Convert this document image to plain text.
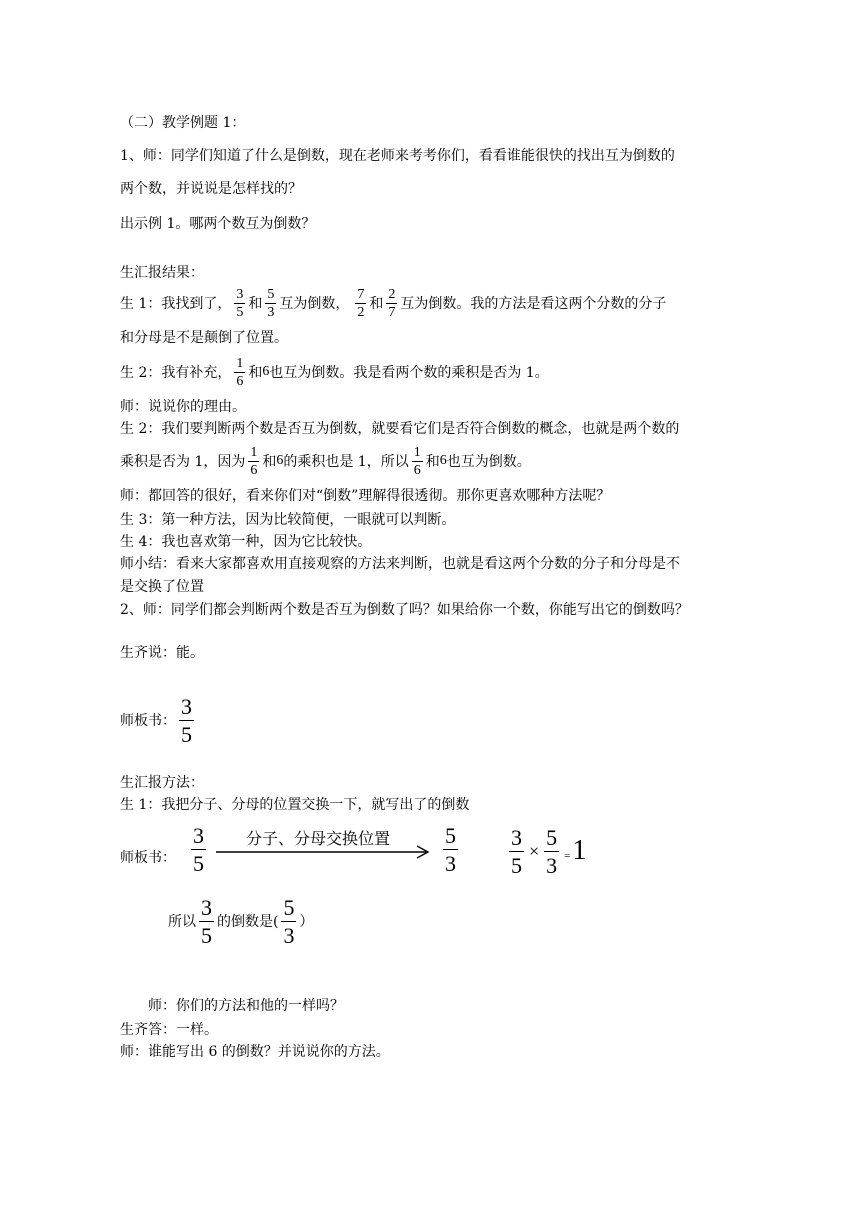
（二）教学例题 1：
1、师：同学们知道了什么是倒数，现在老师来考考你们，看看谁能很快的找出互为倒数的
两个数，并说说是怎样找的？
出示例 1。哪两个数互为倒数？
生汇报结果：
生 1：我找到了， $\frac{3}{5}$ 和 $\frac{5}{3}$ 互为倒数， $\frac{7}{2}$ 和 $\frac{2}{7}$ 互为倒数。我的方法是看这两个分数的分子
和分母是不是颠倒了位置。
生 2：我有补充， $\frac{1}{6}$ 和 6 也互为倒数。我是看两个数的乘积是否为 1。
师：说说你的理由。
生 2：我们要判断两个数是否互为倒数，就要看它们是否符合倒数的概念，也就是两个数的
乘积是否为 1，因为 $\frac{1}{6}$ 和 6 的乘积也是 1，所以 $\frac{1}{6}$ 和 6 也互为倒数。
师：都回答的很好，看来你们对“倒数”理解得很透彻。那你更喜欢哪种方法呢？
生 3：第一种方法，因为比较简便，一眼就可以判断。
生 4：我也喜欢第一种，因为它比较快。
师小结：看来大家都喜欢用直接观察的方法来判断，也就是看这两个分数的分子和分母是不
是交换了位置
2、师：同学们都会判断两个数是否互为倒数了吗？如果给你一个数，你能写出它的倒数吗？
生齐说：能。
师板书： $\frac{3}{5}$
生汇报方法：
生 1：我把分子、分母的位置交换一下，就写出了的倒数
师板书：
3
5
分子、分母交换位置 5
$3 \frac{3}{5} \times \frac{5}{3} = 1$
所以 $\frac{3}{5}$ 的倒数是( $\frac{5}{3}$ ）
师：你们的方法和他的一样吗？
生齐答：一样。
师：谁能写出 6 的倒数？并说说你的方法。
